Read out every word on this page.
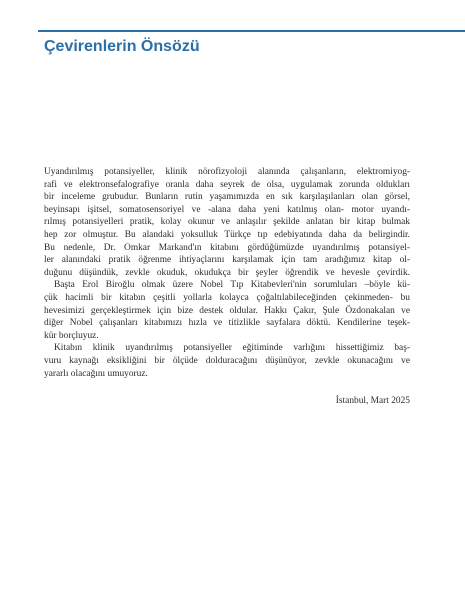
Çevirenlerin Önsözü
Uyandırılmış potansiyeller, klinik nörofizyoloji alanında çalışanların, elektromiyog-
rafi ve elektronsefalografiye oranla daha seyrek de olsa, uygulamak zorunda oldukları
bir inceleme grubudur. Bunların rutin yaşamımızda en sık karşılaşılanları olan görsel,
beyinsapı işitsel, somatosensoriyel ve -alana daha yeni katılmış olan- motor uyandı-
rılmış potansiyelleri pratik, kolay okunur ve anlaşılır şekilde anlatan bir kitap bulmak
hep zor olmuştur. Bu alandaki yoksulluk Türkçe tıp edebiyatında daha da belirgindir.
Bu nedenle, Dr. Omkar Markand'ın kitabını gördüğümüzde uyandırılmış potansiyel-
ler alanındaki pratik öğrenme ihtiyaçlarını karşılamak için tam aradığımız kitap ol-
duğunu düşündük, zevkle okuduk, okudukça bir şeyler öğrendik ve hevesle çevirdik.
Başta Erol Biroğlu olmak üzere Nobel Tıp Kitabevleri'nin sorumluları –böyle kü-
çük hacimli bir kitabın çeşitli yollarla kolayca çoğaltılabileceğinden çekinmeden- bu
hevesimizi gerçekleştirmek için bize destek oldular. Hakkı Çakır, Şule Özdonakalan ve
diğer Nobel çalışanları kitabımızı hızla ve titizlikle sayfalara döktü. Kendilerine teşek-
kür borçluyuz.
Kitabın klinik uyandırılmış potansiyeller eğitiminde varlığını hissettiğimiz baş-
vuru kaynağı eksikliğini bir ölçüde dolduracağını düşünüyor, zevkle okunacağını ve
yararlı olacağını umuyoruz.
İstanbul, Mart 2025
